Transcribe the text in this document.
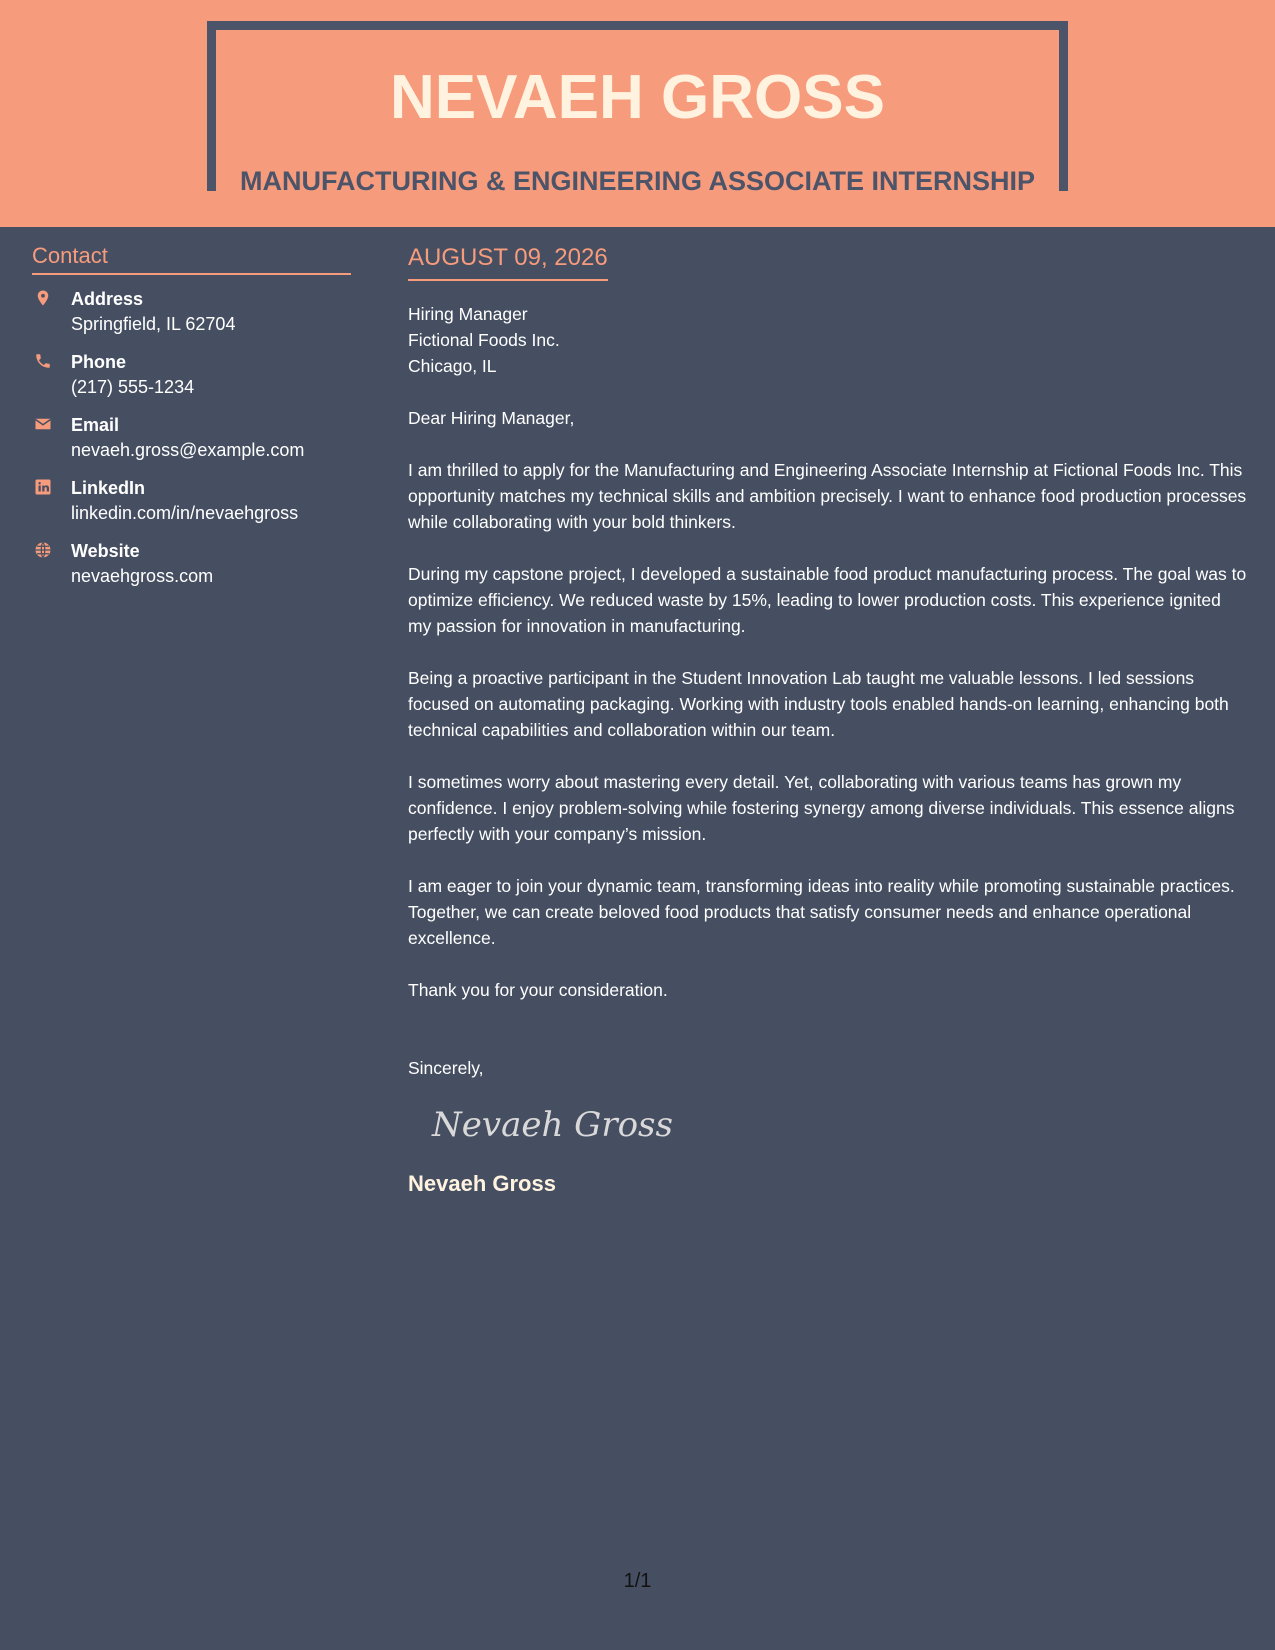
NEVAEH GROSS
MANUFACTURING & ENGINEERING ASSOCIATE INTERNSHIP
Contact
Address
Springfield, IL 62704
Phone
(217) 555-1234
Email
nevaeh.gross@example.com
LinkedIn
linkedin.com/in/nevaehgross
Website
nevaehgross.com
AUGUST 09, 2026
Hiring Manager
Fictional Foods Inc.
Chicago, IL
Dear Hiring Manager,
I am thrilled to apply for the Manufacturing and Engineering Associate Internship at Fictional Foods Inc. This opportunity matches my technical skills and ambition precisely. I want to enhance food production processes while collaborating with your bold thinkers.
During my capstone project, I developed a sustainable food product manufacturing process. The goal was to optimize efficiency. We reduced waste by 15%, leading to lower production costs. This experience ignited my passion for innovation in manufacturing.
Being a proactive participant in the Student Innovation Lab taught me valuable lessons. I led sessions focused on automating packaging. Working with industry tools enabled hands-on learning, enhancing both technical capabilities and collaboration within our team.
I sometimes worry about mastering every detail. Yet, collaborating with various teams has grown my confidence. I enjoy problem-solving while fostering synergy among diverse individuals. This essence aligns perfectly with your company’s mission.
I am eager to join your dynamic team, transforming ideas into reality while promoting sustainable practices. Together, we can create beloved food products that satisfy consumer needs and enhance operational excellence.
Thank you for your consideration.
Sincerely,
Nevaeh Gross
Nevaeh Gross
1/1
